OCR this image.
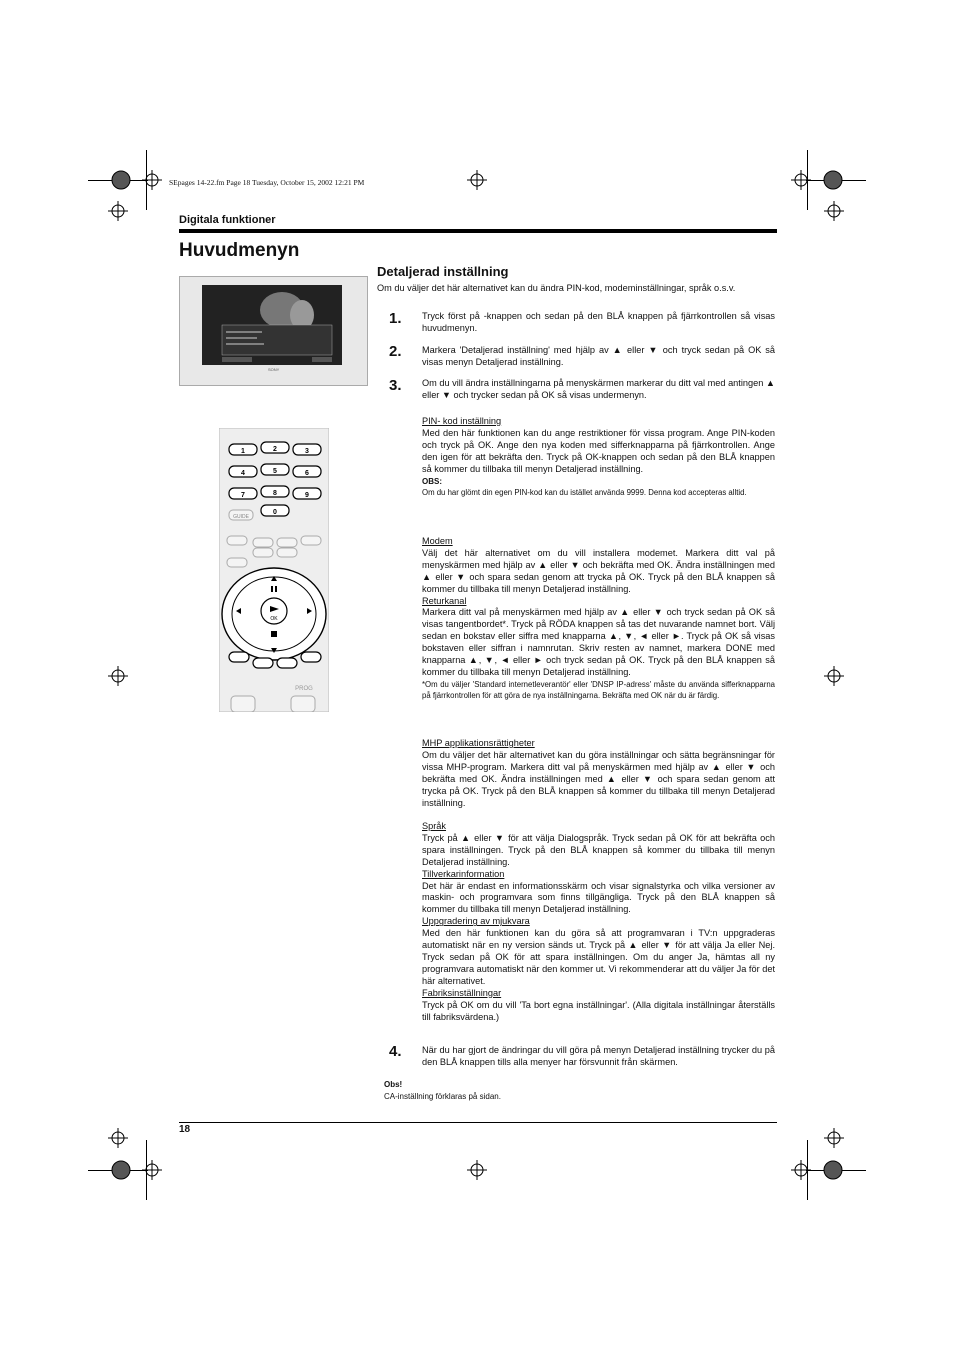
SEpages 14-22.fm Page 18 Tuesday, October 15, 2002 12:21 PM
Digitala funktioner
Huvudmenyn
SONY
1	2	3
4	5	6
7	8	9
0
GUIDE
OK
PROG
Detaljerad inställning
Om du väljer det här alternativet kan du ändra PIN-kod, modeminställningar, språk o.s.v.
1. Tryck först på -knappen och sedan på den BLÅ knappen på fjärrkontrollen så visas huvudmenyn.
2. Markera 'Detaljerad inställning' med hjälp av ▲ eller ▼ och tryck sedan på OK så visas menyn Detaljerad inställning.
3. Om du vill ändra inställningarna på menyskärmen markerar du ditt val med antingen ▲ eller ▼ och trycker sedan på OK så visas undermenyn.
PIN- kod inställning
Med den här funktionen kan du ange restriktioner för vissa program. Ange PIN-koden och tryck på OK. Ange den nya koden med sifferknapparna på fjärrkontrollen. Ange den igen för att bekräfta den. Tryck på OK-knappen och sedan på den BLÅ knappen så kommer du tillbaka till menyn Detaljerad inställning.
OBS:
Om du har glömt din egen PIN-kod kan du istället använda 9999. Denna kod accepteras alltid.
Modem
Välj det här alternativet om du vill installera modemet. Markera ditt val på menyskärmen med hjälp av ▲ eller ▼ och bekräfta med OK. Ändra inställningen med ▲ eller ▼ och spara sedan genom att trycka på OK. Tryck på den BLÅ knappen så kommer du tillbaka till menyn Detaljerad inställning.
Returkanal
Markera ditt val på menyskärmen med hjälp av ▲ eller ▼ och tryck sedan på OK så visas tangentbordet*. Tryck på RÖDA knappen så tas det nuvarande namnet bort. Välj sedan en bokstav eller siffra med knapparna ▲, ▼, ◄ eller ►. Tryck på OK så visas bokstaven eller siffran i namnrutan. Skriv resten av namnet, markera DONE med knapparna ▲, ▼, ◄ eller ► och tryck sedan på OK. Tryck på den BLÅ knappen så kommer du tillbaka till menyn Detaljerad inställning.
*Om du väljer 'Standard internetleverantör' eller 'DNSP IP-adress' måste du använda sifferknapparna på fjärrkontrollen för att göra de nya inställningarna. Bekräfta med OK när du är färdig.
MHP applikationsrättigheter
Om du väljer det här alternativet kan du göra inställningar och sätta begränsningar för vissa MHP-program. Markera ditt val på menyskärmen med hjälp av ▲ eller ▼ och bekräfta med OK. Ändra inställningen med ▲ eller ▼ och spara sedan genom att trycka på OK. Tryck på den BLÅ knappen så kommer du tillbaka till menyn Detaljerad inställning.
Språk
Tryck på ▲ eller ▼ för att välja Dialogspråk. Tryck sedan på OK för att bekräfta och spara inställningen. Tryck på den BLÅ knappen så kommer du tillbaka till menyn Detaljerad inställning.
Tillverkarinformation
Det här är endast en informationsskärm och visar signalstyrka och vilka versioner av maskin- och programvara som finns tillgängliga. Tryck på den BLÅ knappen så kommer du tillbaka till menyn Detaljerad inställning.
Uppgradering av mjukvara
Med den här funktionen kan du göra så att programvaran i TV:n uppgraderas automatiskt när en ny version sänds ut. Tryck på ▲ eller ▼ för att välja Ja eller Nej. Tryck sedan på OK för att spara inställningen. Om du anger Ja, hämtas all ny programvara automatiskt när den kommer ut. Vi rekommenderar att du väljer Ja för det här alternativet.
Fabriksinställningar
Tryck på OK om du vill 'Ta bort egna inställningar'. (Alla digitala inställningar återställs till fabriksvärdena.)
4. När du har gjort de ändringar du vill göra på menyn Detaljerad inställning trycker du på den BLÅ knappen tills alla menyer har försvunnit från skärmen.
Obs!
CA-inställning förklaras på sidan.
18
